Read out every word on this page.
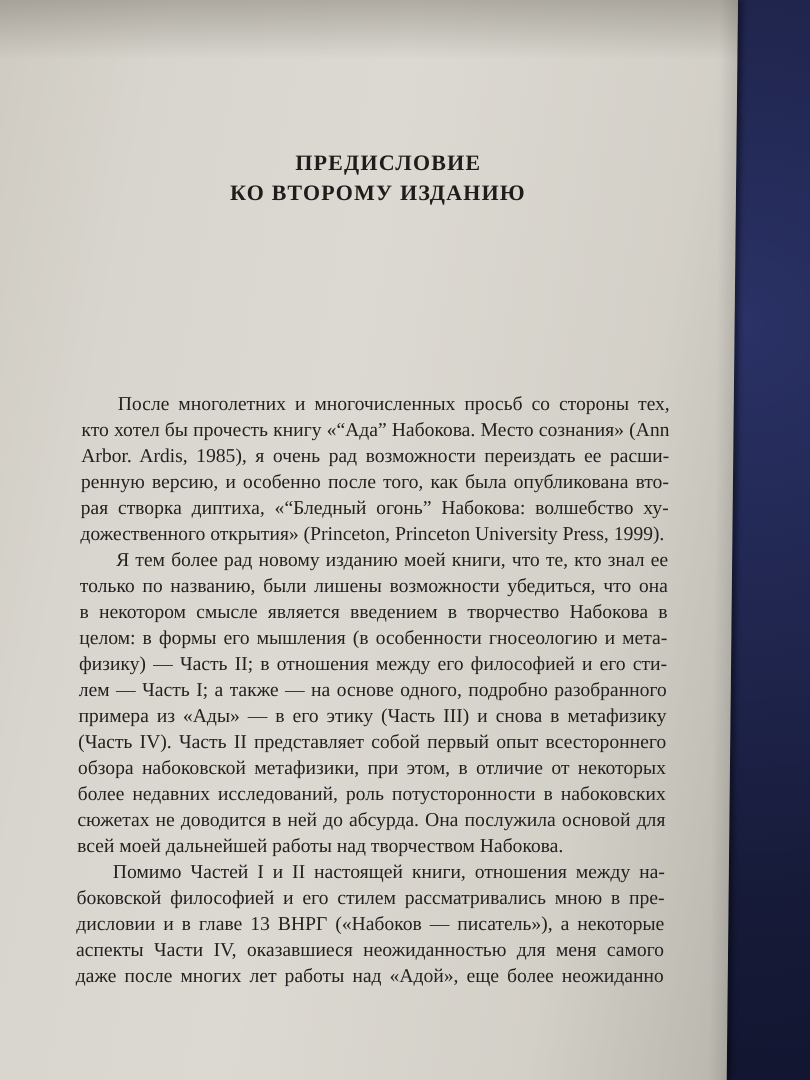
ПРЕДИСЛОВИЕ
КО ВТОРОМУ ИЗДАНИЮ
После многолетних и многочисленных просьб со стороны тех,
кто хотел бы прочесть книгу «“Ада” Набокова. Место сознания» (Ann
Arbor. Ardis, 1985), я очень рад возможности переиздать ее расши-
ренную версию, и особенно после того, как была опубликована вто-
рая створка диптиха, «“Бледный огонь” Набокова: волшебство ху-
дожественного открытия» (Princeton, Princeton University Press, 1999).
Я тем более рад новому изданию моей книги, что те, кто знал ее
только по названию, были лишены возможности убедиться, что она
в некотором смысле является введением в творчество Набокова в
целом: в формы его мышления (в особенности гносеологию и мета-
физику) — Часть II; в отношения между его философией и его сти-
лем — Часть I; а также — на основе одного, подробно разобранного
примера из «Ады» — в его этику (Часть III) и снова в метафизику
(Часть IV). Часть II представляет собой первый опыт всестороннего
обзора набоковской метафизики, при этом, в отличие от некоторых
более недавних исследований, роль потусторонности в набоковских
сюжетах не доводится в ней до абсурда. Она послужила основой для
всей моей дальнейшей работы над творчеством Набокова.
Помимо Частей I и II настоящей книги, отношения между на-
боковской философией и его стилем рассматривались мною в пре-
дисловии и в главе 13 ВНРГ («Набоков — писатель»), а некоторые
аспекты Части IV, оказавшиеся неожиданностью для меня самого
даже после многих лет работы над «Адой», еще более неожиданно
